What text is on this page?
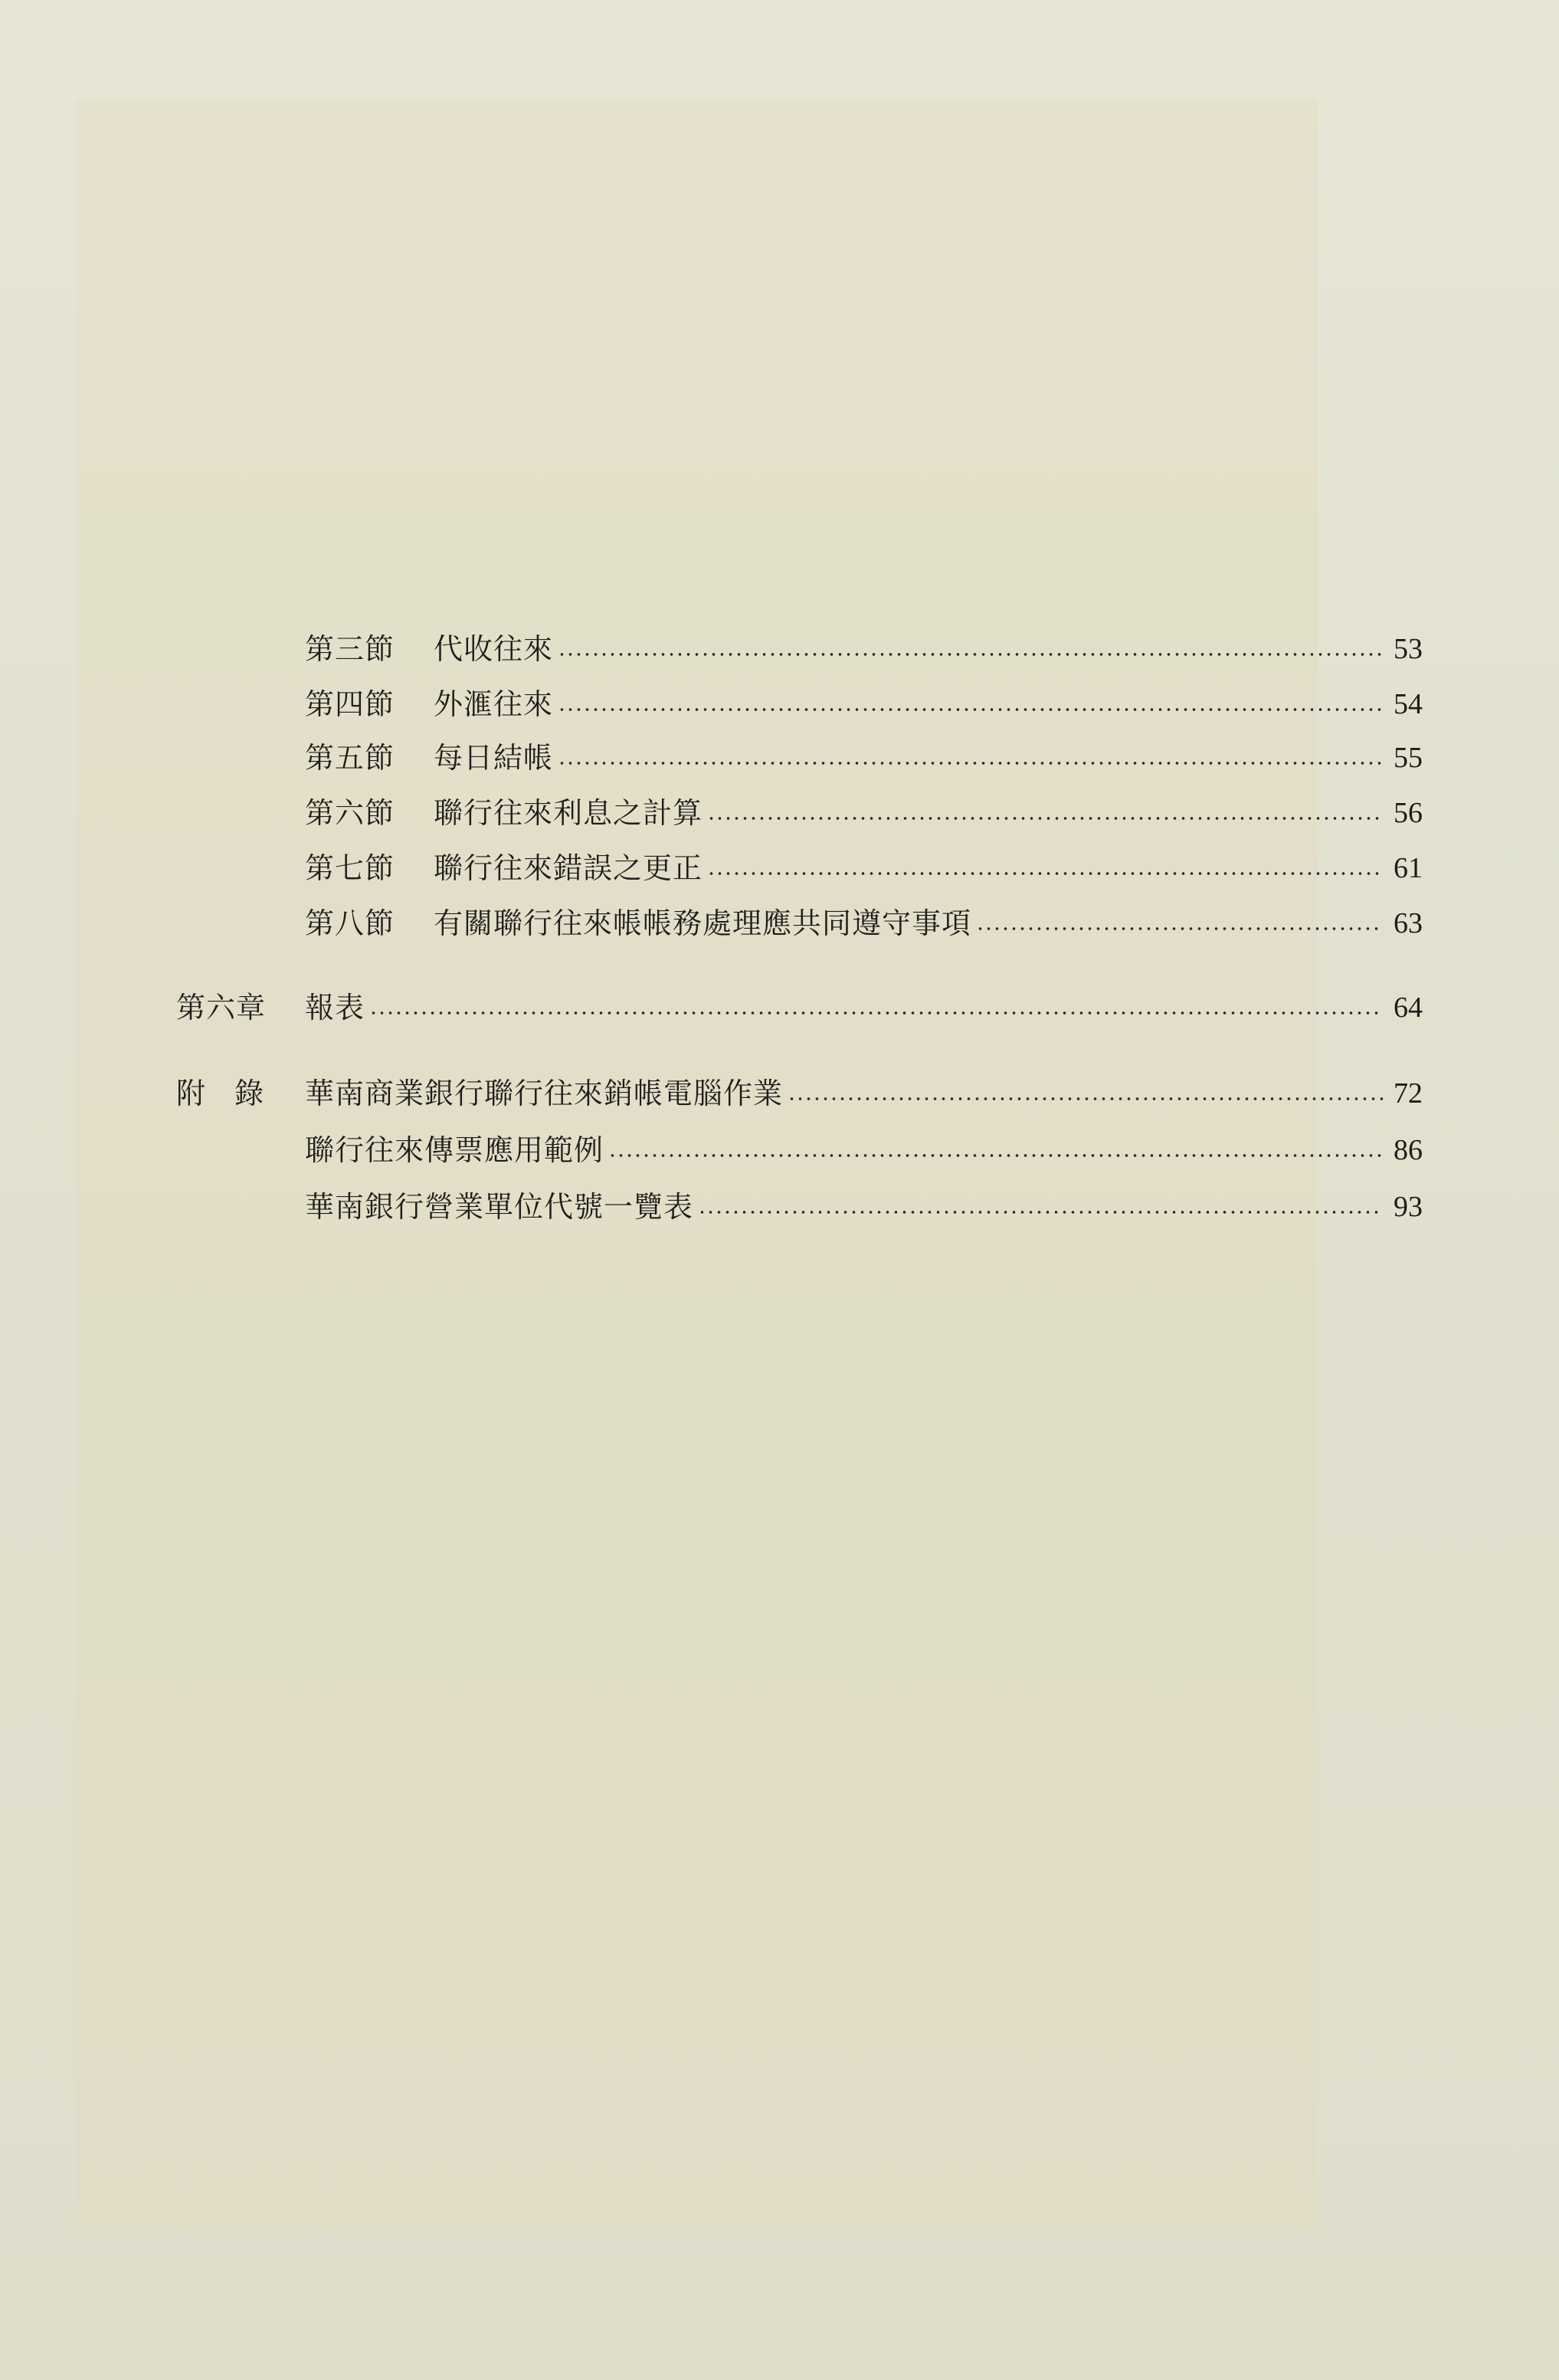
第三節	代收往來	53
第四節	外滙往來	54
第五節	每日結帳	55
第六節	聯行往來利息之計算	56
第七節	聯行往來錯誤之更正	61
第八節	有關聯行往來帳帳務處理應共同遵守事項	63
第六章	報表	64
附錄 華南商業銀行聯行往來銷帳電腦作業	72
聯行往來傳票應用範例	86
華南銀行營業單位代號一覽表	93
